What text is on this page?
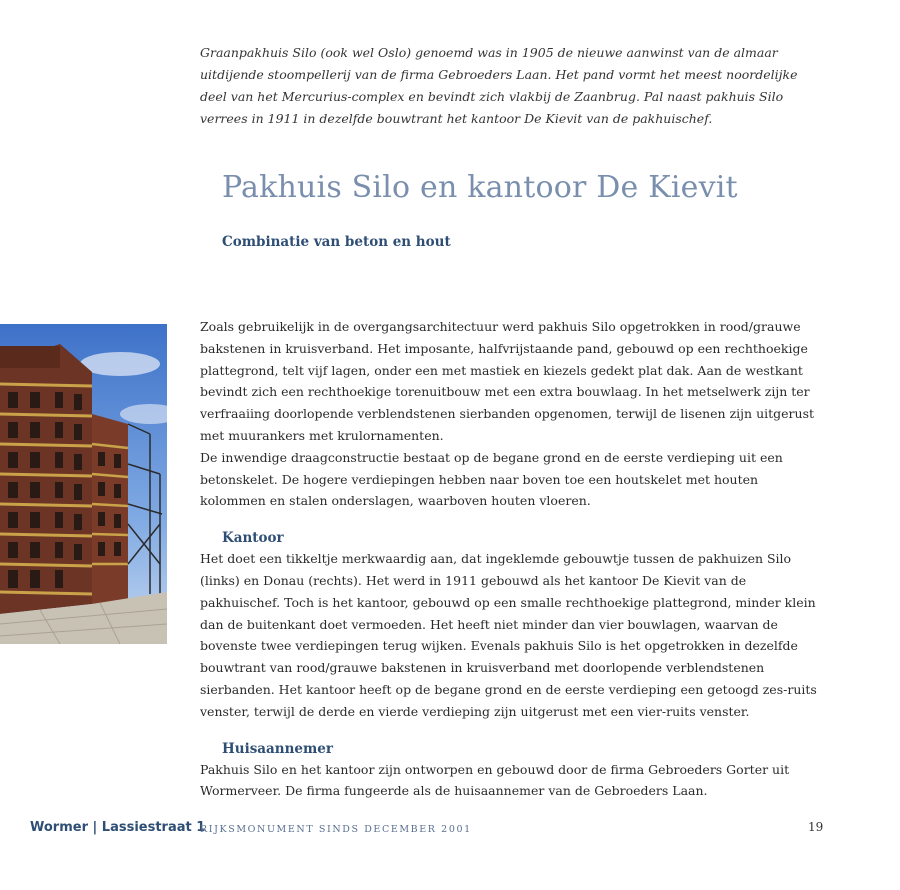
Graanpakhuis Silo (ook wel Oslo) genoemd was in 1905 de nieuwe aanwinst van de almaar uitdijende stoompellerij van de firma Gebroeders Laan. Het pand vormt het meest noordelijke deel van het Mercurius-complex en bevindt zich vlakbij de Zaanbrug. Pal naast pakhuis Silo verrees in 1911 in dezelfde bouwtrant het kantoor De Kievit van de pakhuischef.
Pakhuis Silo en kantoor De Kievit
Combinatie van beton en hout

Zoals gebruikelijk in de overgangsarchitectuur werd pakhuis Silo opgetrokken in rood/grauwe bakstenen in kruisverband. Het imposante, halfvrijstaande pand, gebouwd op een rechthoekige plattegrond, telt vijf lagen, onder een met mastiek en kiezels gedekt plat dak. Aan de westkant bevindt zich een rechthoekige torenuitbouw met een extra bouwlaag. In het metselwerk zijn ter verfraaiing doorlopende verblendstenen sierbanden opgenomen, terwijl de lisenen zijn uitgerust met muurankers met krulornamenten.

De inwendige draagconstructie bestaat op de begane grond en de eerste verdieping uit een betonskelet. De hogere verdiepingen hebben naar boven toe een houtskelet met houten kolommen en stalen onderslagen, waarboven houten vloeren.

Kantoor

Het doet een tikkeltje merkwaardig aan, dat ingeklemde gebouwtje tussen de pakhuizen Silo (links) en Donau (rechts). Het werd in 1911 gebouwd als het kantoor De Kievit van de pakhuischef. Toch is het kantoor, gebouwd op een smalle rechthoekige plattegrond, minder klein dan de buitenkant doet vermoeden. Het heeft niet minder dan vier bouwlagen, waarvan de bovenste twee verdiepingen terug wijken. Evenals pakhuis Silo is het opgetrokken in dezelfde bouwtrant van rood/grauwe bakstenen in kruisverband met doorlopende verblendstenen sierbanden. Het kantoor heeft op de begane grond en de eerste verdieping een getoogd zes-ruits venster, terwijl de derde en vierde verdieping zijn uitgerust met een vier-ruits venster.

Huisaannemer

Pakhuis Silo en het kantoor zijn ontworpen en gebouwd door de firma Gebroeders Gorter uit Wormerveer. De firma fungeerde als de huisaannemer van de Gebroeders Laan.

Wormer | Lassiestraat 1
RIJKSMONUMENT SINDS DECEMBER 2001	19
